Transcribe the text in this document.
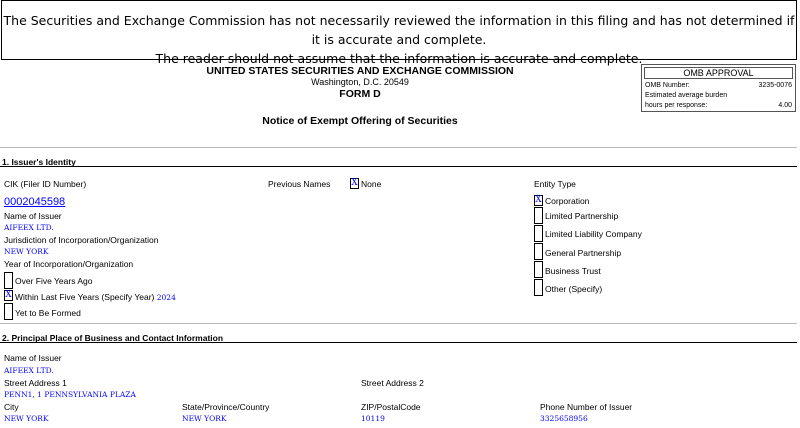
The Securities and Exchange Commission has not necessarily reviewed the information in this filing and has not determined if it is accurate and complete.
The reader should not assume that the information is accurate and complete.
UNITED STATES SECURITIES AND EXCHANGE COMMISSION
Washington, D.C. 20549
FORM D
Notice of Exempt Offering of Securities
OMB APPROVAL
OMB Number:	3235-0076
Estimated average burden
hours per response:	4.00
1. Issuer's Identity
CIK (Filer ID Number)
0002045598
Name of Issuer
AIFEEX LTD.
Jurisdiction of Incorporation/Organization
NEW YORK
Year of Incorporation/Organization
Over Five Years Ago
X Within Last Five Years (Specify Year) 2024
Yet to Be Formed
Previous Names X None	Entity Type
X Corporation
Limited Partnership
Limited Liability Company
General Partnership
Business Trust
Other (Specify)
2. Principal Place of Business and Contact Information
Name of Issuer
AIFEEX LTD.
Street Address 1
PENN1, 1 PENNSYLVANIA PLAZA
Street Address 2
City
NEW YORK
State/Province/Country
NEW YORK
ZIP/PostalCode
10119
Phone Number of Issuer
3325658956
